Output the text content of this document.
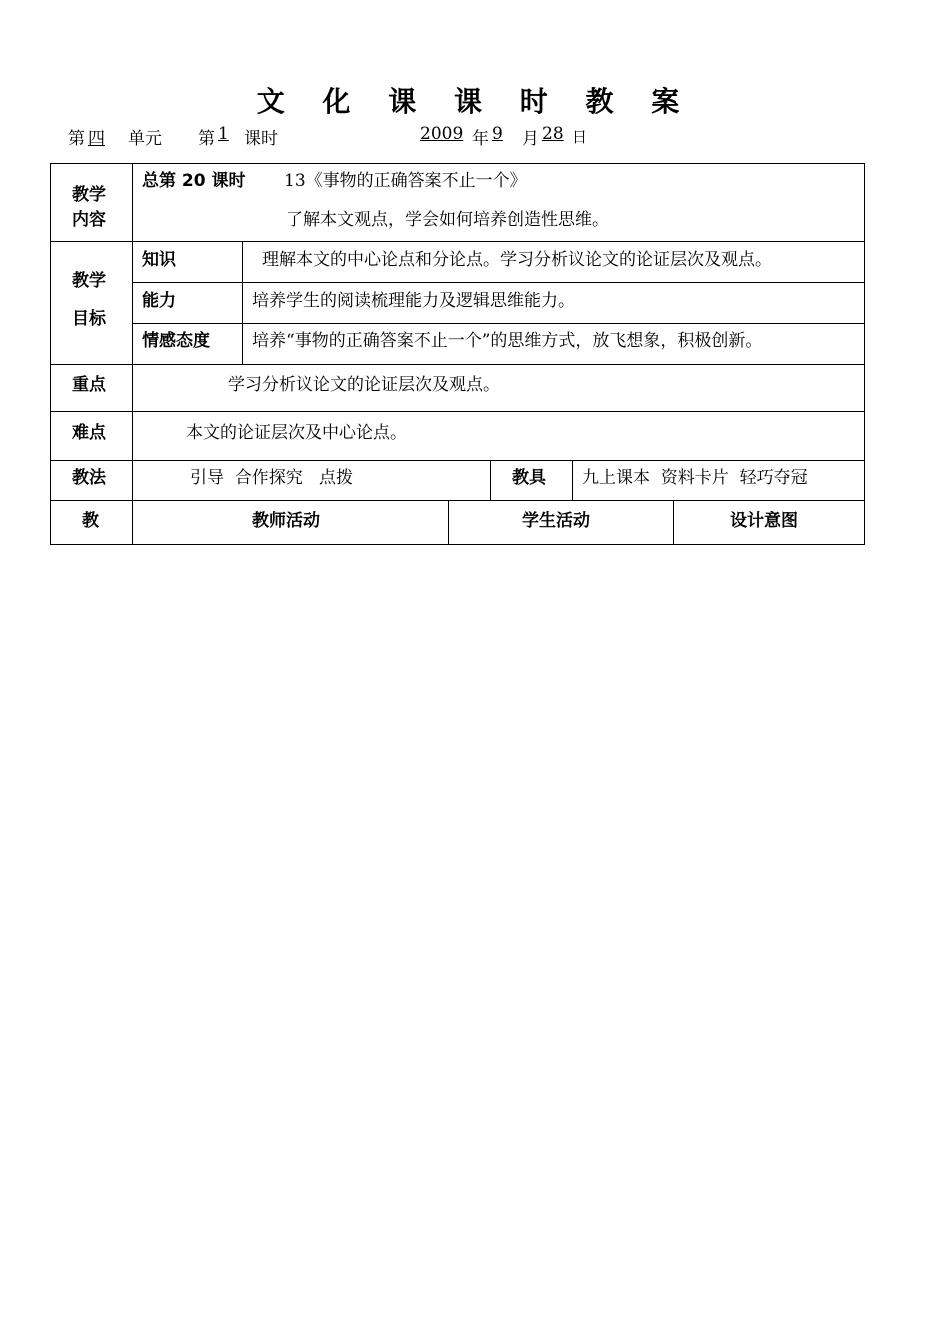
文 化 课 课 时 教 案
第 四 单元 第 1 课时	2009 年 9 月 28 日
教学
内容
总第 20 课时 13《事物的正确答案不止一个》
了解本文观点，学会如何培养创造性思维。
教学
目标
知识	理解本文的中心论点和分论点。学习分析议论文的论证层次及观点。
能力	培养学生的阅读梳理能力及逻辑思维能力。
情感态度 培养“事物的正确答案不止一个”的思维方式，放飞想象，积极创新。
重点	学习分析议论文的论证层次及观点。
难点	本文的论证层次及中心论点。
教法	引导  合作探究   点拨	教具 九上课本  资料卡片  轻巧夺冠
教	教师活动	学生活动	设计意图
